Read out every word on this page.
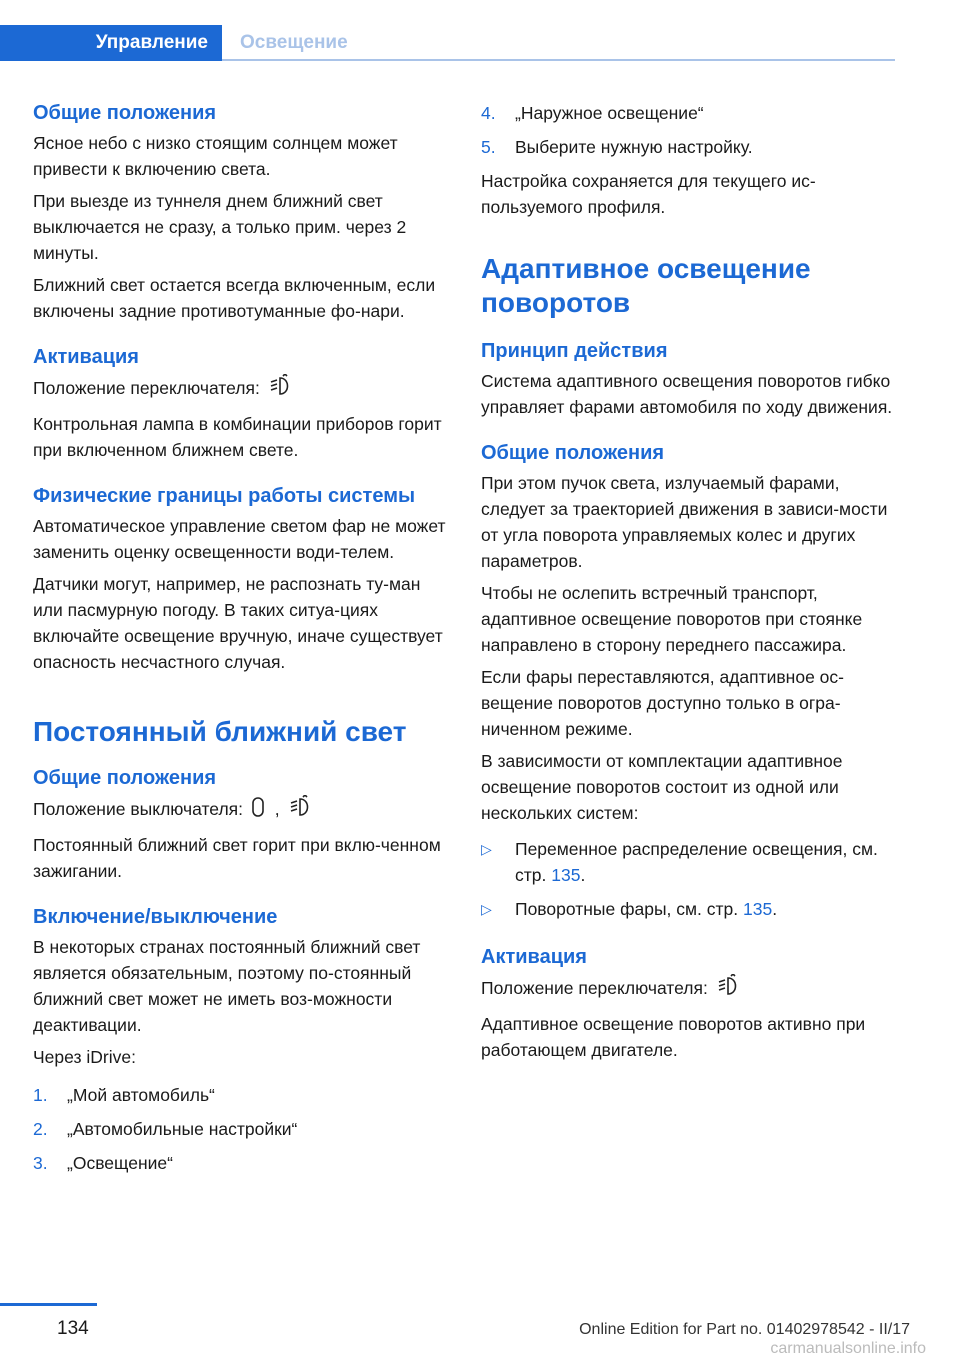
Управление	Освещение
Общие положения

Ясное небо с низко стоящим солнцем может привести к включению света.

При выезде из туннеля днем ближний свет выключается не сразу, а только прим. через 2 минуты.

Ближний свет остается всегда включенным, если включены задние противотуманные фо-нари.

Активация

Положение переключателя:

Контрольная лампа в комбинации приборов горит при включенном ближнем свете.

Физические границы работы системы

Автоматическое управление светом фар не может заменить оценку освещенности води-телем.

Датчики могут, например, не распознать ту-ман или пасмурную погоду. В таких ситуа-циях включайте освещение вручную, иначе существует опасность несчастного случая.

Постоянный ближний свет
Общие положения

Положение выключателя: ,

Постоянный ближний свет горит при вклю-ченном зажигании.

Включение/выключение

В некоторых странах постоянный ближний свет является обязательным, поэтому по-стоянный ближний свет может не иметь воз-можности деактивации.

Через iDrive:

1. „Мой автомобиль“
2. „Автомобильные настройки“
3. „Освещение“
4. „Наружное освещение“
5. Выберите нужную настройку.

Настройка сохраняется для текущего ис-пользуемого профиля.

Адаптивное освещение поворотов
Принцип действия

Система адаптивного освещения поворотов гибко управляет фарами автомобиля по ходу движения.

Общие положения

При этом пучок света, излучаемый фарами, следует за траекторией движения в зависи-мости от угла поворота управляемых колес и других параметров.

Чтобы не ослепить встречный транспорт, адаптивное освещение поворотов при стоянке направлено в сторону переднего пассажира.

Если фары переставляются, адаптивное ос-вещение поворотов доступно только в огра-ниченном режиме.

В зависимости от комплектации адаптивное освещение поворотов состоит из одной или нескольких систем:

▷ Переменное распределение освещения, см. стр. 135.
▷ Поворотные фары, см. стр. 135.
Активация

Положение переключателя:

Адаптивное освещение поворотов активно при работающем двигателе.

134	Online Edition for Part no. 01402978542 - II/17
carmanualsonline.info
